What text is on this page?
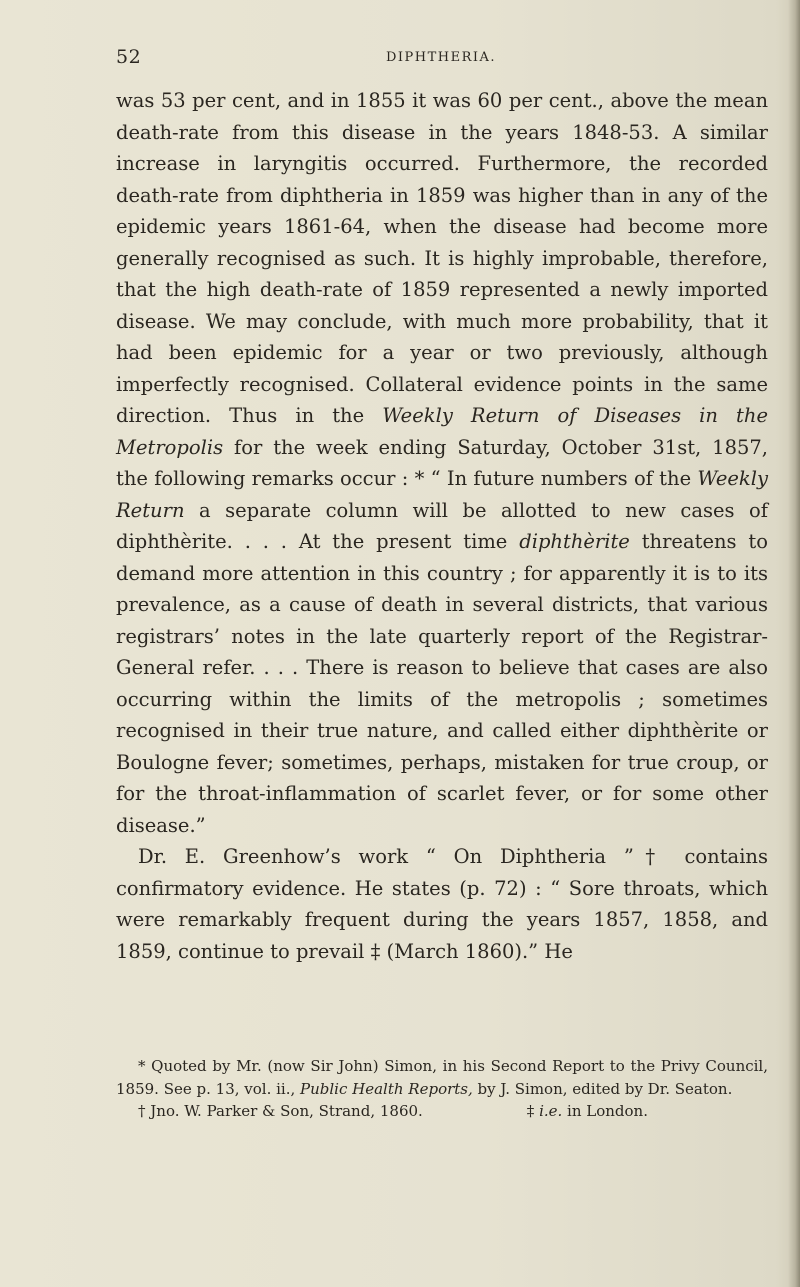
52	DIPHTHERIA.

was 53 per cent, and in 1855 it was 60 per cent., above the mean death-rate from this disease in the years 1848-53. A similar increase in laryngitis occurred. Furthermore, the recorded death-rate from diphtheria in 1859 was higher than in any of the epidemic years 1861-64, when the disease had become more generally recognised as such. It is highly improbable, therefore, that the high death-rate of 1859 represented a newly imported disease. We may conclude, with much more probability, that it had been epidemic for a year or two previously, although imperfectly recognised. Collateral evidence points in the same direction. Thus in the Weekly Return of Diseases in the Metropolis for the week ending Saturday, October 31st, 1857, the following remarks occur : * “ In future numbers of the Weekly Return a separate column will be allotted to new cases of diphthèrite. . . . At the present time diphthèrite threatens to demand more attention in this country ; for apparently it is to its prevalence, as a cause of death in several districts, that various registrars’ notes in the late quarterly report of the Registrar-General refer. . . . There is reason to believe that cases are also occurring within the limits of the metropolis ; sometimes recognised in their true nature, and called either diphthèrite or Boulogne fever; sometimes, perhaps, mistaken for true croup, or for the throat-inflammation of scarlet fever, or for some other disease.”

Dr. E. Greenhow’s work “ On Diphtheria ”† contains confirmatory evidence. He states (p. 72) : “ Sore throats, which were remarkably frequent during the years 1857, 1858, and 1859, continue to prevail ‡ (March 1860).” He

* Quoted by Mr. (now Sir John) Simon, in his Second Report to the Privy Council, 1859. See p. 13, vol. ii., Public Health Reports, by J. Simon, edited by Dr. Seaton.

† Jno. W. Parker & Son, Strand, 1860.	‡ i.e. in London.
